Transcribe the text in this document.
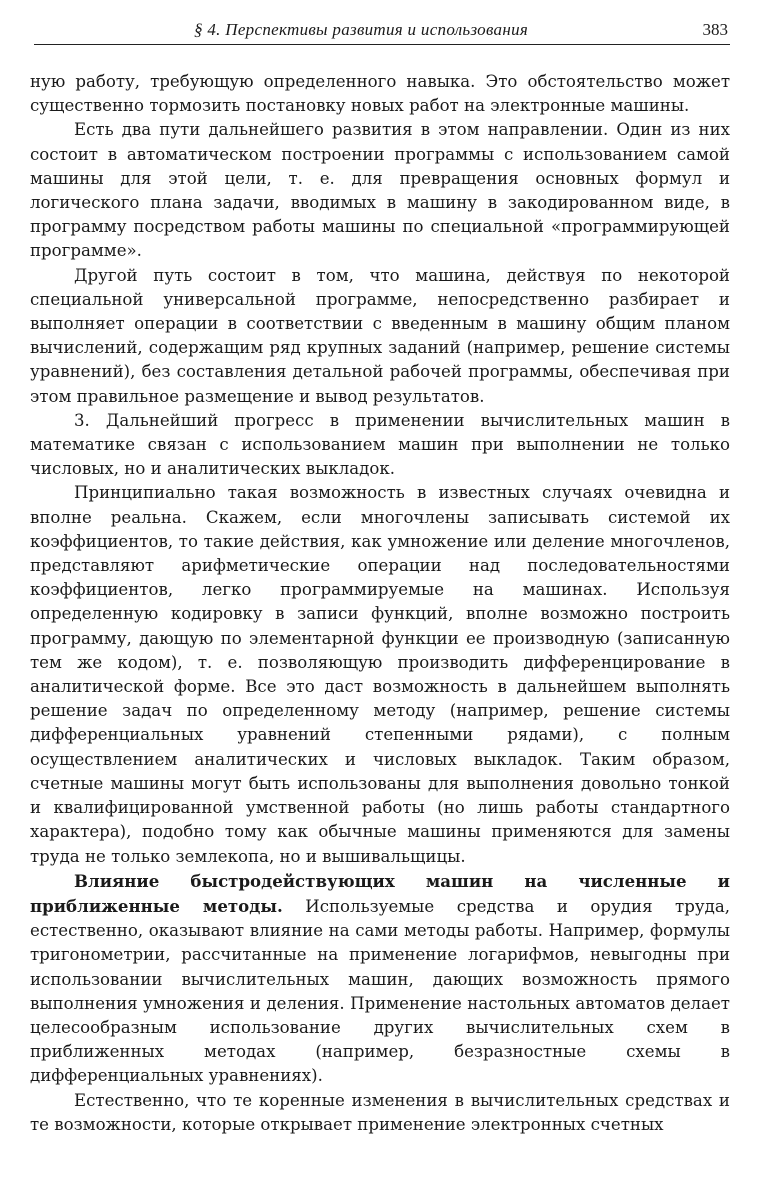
§ 4. Перспективы развития и использования	383

ную работу, требующую определенного навыка. Это обстоятельство может существенно тормозить постановку новых работ на электронные машины.

Есть два пути дальнейшего развития в этом направлении. Один из них состоит в автоматическом построении программы с использованием самой машины для этой цели, т. е. для превращения основных формул и логического плана задачи, вводимых в машину в закодированном виде, в программу посредством работы машины по специальной «программирующей программе».

Другой путь состоит в том, что машина, действуя по некоторой специальной универсальной программе, непосредственно разбирает и выполняет операции в соответствии с введенным в машину общим планом вычислений, содержащим ряд крупных заданий (например, решение системы уравнений), без составления детальной рабочей программы, обеспечивая при этом правильное размещение и вывод результатов.

3. Дальнейший прогресс в применении вычислительных машин в математике связан с использованием машин при выполнении не только числовых, но и аналитических выкладок.

Принципиально такая возможность в известных случаях очевидна и вполне реальна. Скажем, если многочлены записывать системой их коэффициентов, то такие действия, как умножение или деление многочленов, представляют арифметические операции над последовательностями коэффициентов, легко программируемые на машинах. Используя определенную кодировку в записи функций, вполне возможно построить программу, дающую по элементарной функции ее производную (записанную тем же кодом), т. е. позволяющую производить дифференцирование в аналитической форме. Все это даст возможность в дальнейшем выполнять решение задач по определенному методу (например, решение системы дифференциальных уравнений степенными рядами), с полным осуществлением аналитических и числовых выкладок. Таким образом, счетные машины могут быть использованы для выполнения довольно тонкой и квалифицированной умственной работы (но лишь работы стандартного характера), подобно тому как обычные машины применяются для замены труда не только землекопа, но и вышивальщицы.

Влияние быстродействующих машин на численные и приближенные методы. Используемые средства и орудия труда, естественно, оказывают влияние на сами методы работы. Например, формулы тригонометрии, рассчитанные на применение логарифмов, невыгодны при использовании вычислительных машин, дающих возможность прямого выполнения умножения и деления. Применение настольных автоматов делает целесообразным использование других вычислительных схем в приближенных методах (например, безразностные схемы в дифференциальных уравнениях).

Естественно, что те коренные изменения в вычислительных средствах и те возможности, которые открывает применение электронных счетных
